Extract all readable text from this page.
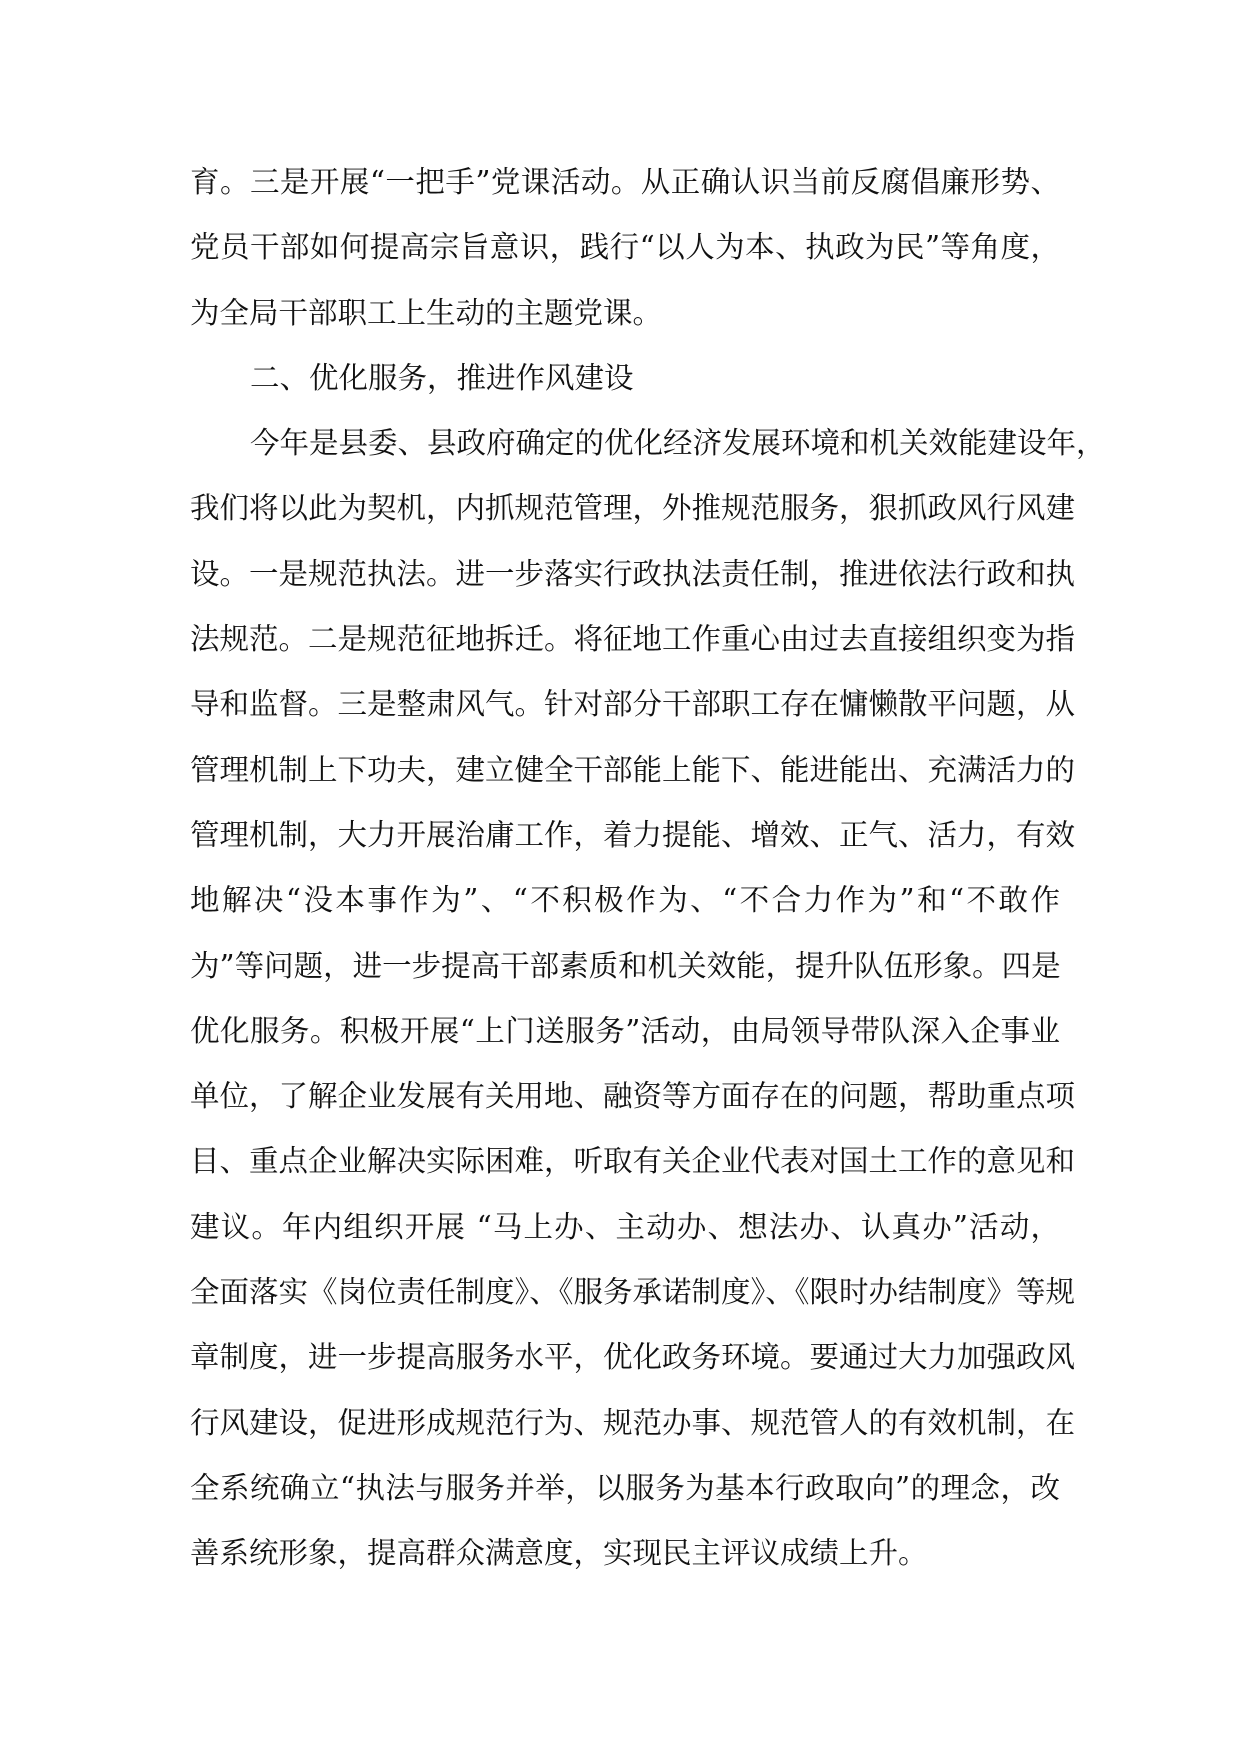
育。三是开展“一把手”党课活动。从正确认识当前反腐倡廉形势、
党员干部如何提高宗旨意识，践行“以人为本、执政为民”等角度，
为全局干部职工上生动的主题党课。
二、优化服务，推进作风建设
今年是县委、县政府确定的优化经济发展环境和机关效能建设年，
我们将以此为契机，内抓规范管理，外推规范服务，狠抓政风行风建
设。一是规范执法。进一步落实行政执法责任制，推进依法行政和执
法规范。二是规范征地拆迁。将征地工作重心由过去直接组织变为指
导和监督。三是整肃风气。针对部分干部职工存在慵懒散平问题，从
管理机制上下功夫，建立健全干部能上能下、能进能出、充满活力的
管理机制，大力开展治庸工作，着力提能、增效、正气、活力，有效
地解决“没本事作为”、“不积极作为、“不合力作为”和“不敢作
为”等问题，进一步提高干部素质和机关效能，提升队伍形象。四是
优化服务。积极开展“上门送服务”活动，由局领导带队深入企事业
单位，了解企业发展有关用地、融资等方面存在的问题，帮助重点项
目、重点企业解决实际困难，听取有关企业代表对国土工作的意见和
建议。年内组织开展 “马上办、主动办、想法办、认真办”活动，
全面落实《岗位责任制度》、《服务承诺制度》、《限时办结制度》等规
章制度，进一步提高服务水平，优化政务环境。要通过大力加强政风
行风建设，促进形成规范行为、规范办事、规范管人的有效机制，在
全系统确立“执法与服务并举，以服务为基本行政取向”的理念，改
善系统形象，提高群众满意度，实现民主评议成绩上升。
